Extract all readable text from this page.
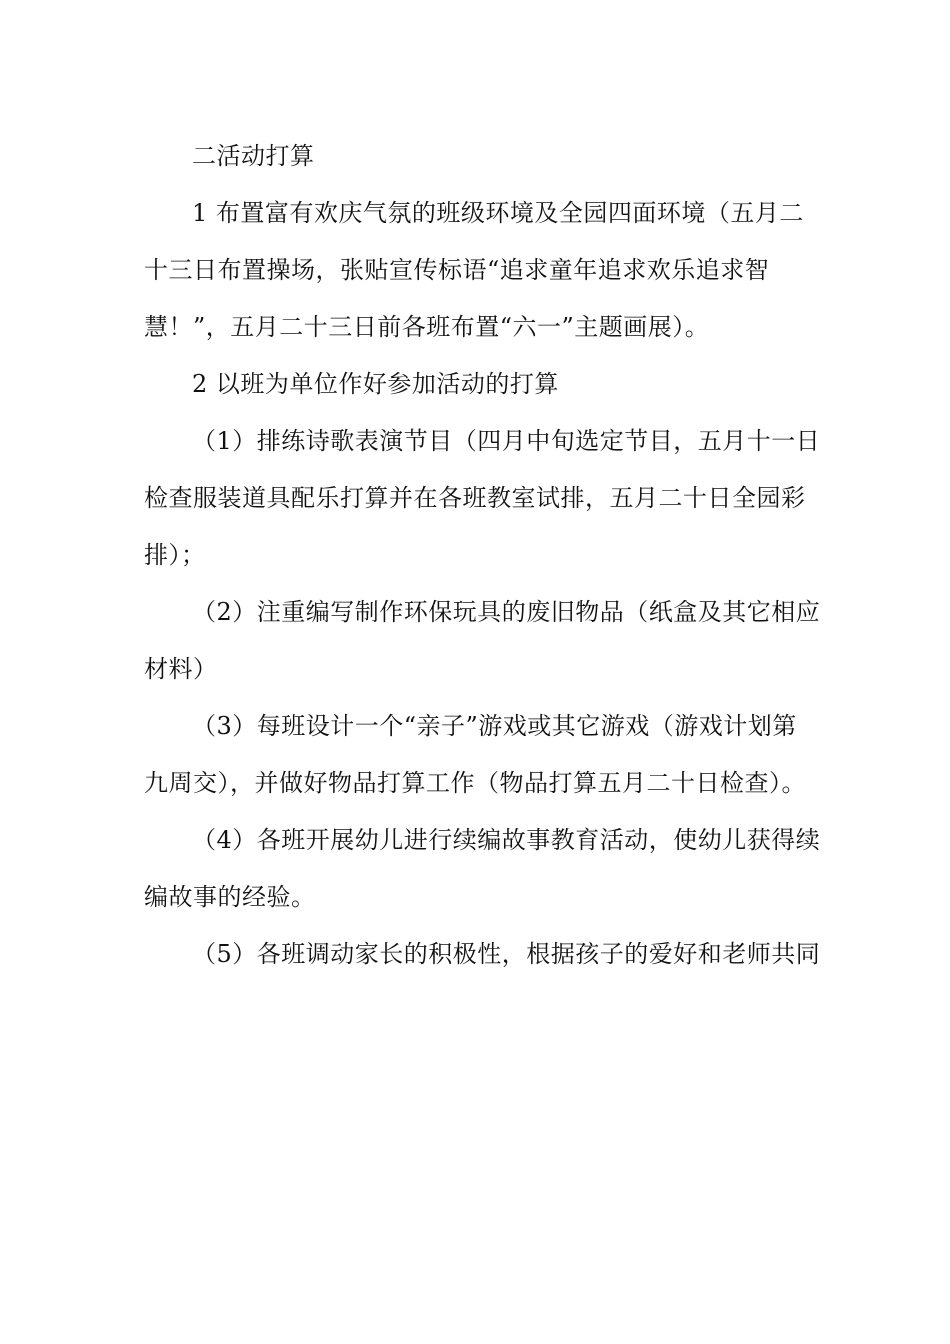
二活动打算
1 布置富有欢庆气氛的班级环境及全园四面环境（五月二
十三日布置操场，张贴宣传标语“追求童年追求欢乐追求智
慧！”，五月二十三日前各班布置“六一”主题画展）。
2 以班为单位作好参加活动的打算
（1）排练诗歌表演节目（四月中旬选定节目，五月十一日
检查服装道具配乐打算并在各班教室试排，五月二十日全园彩
排）；
（2）注重编写制作环保玩具的废旧物品（纸盒及其它相应
材料）
（3）每班设计一个“亲子”游戏或其它游戏（游戏计划第
九周交），并做好物品打算工作（物品打算五月二十日检查）。
（4）各班开展幼儿进行续编故事教育活动，使幼儿获得续
编故事的经验。
（5）各班调动家长的积极性，根据孩子的爱好和老师共同
